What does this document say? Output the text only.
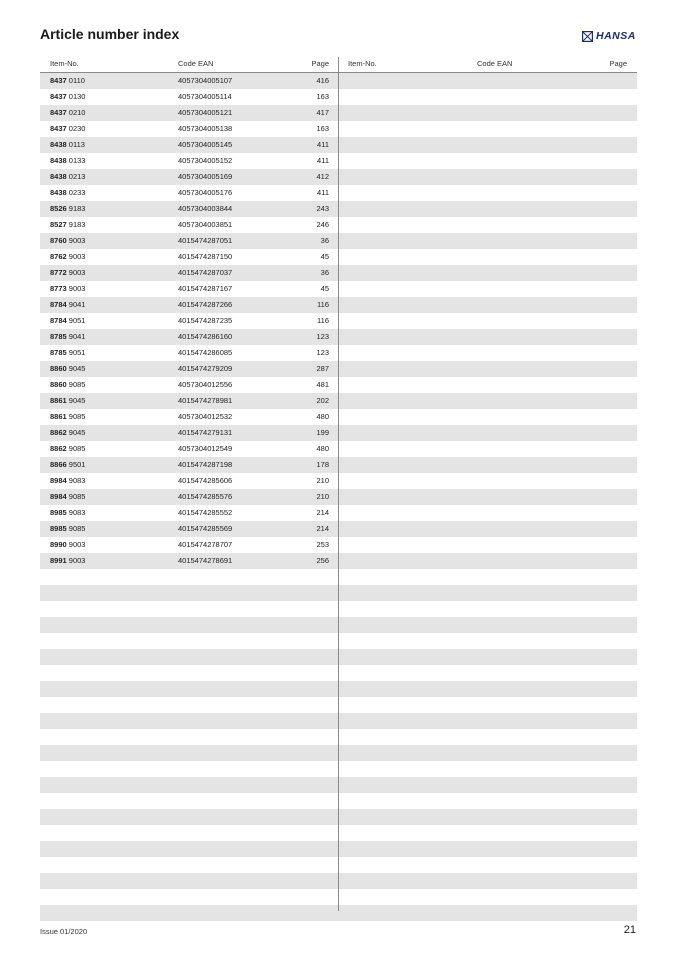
Article number index	HANSA
Item-No.	Code EAN	Page	Item-No.	Code EAN	Page
8437 0110	4057304005107	416
8437 0130	4057304005114	163
8437 0210	4057304005121	417
8437 0230	4057304005138	163
8438 0113	4057304005145	411
8438 0133	4057304005152	411
8438 0213	4057304005169	412
8438 0233	4057304005176	411
8526 9183	4057304003844	243
8527 9183	4057304003851	246
8760 9003	4015474287051	36
8762 9003	4015474287150	45
8772 9003	4015474287037	36
8773 9003	4015474287167	45
8784 9041	4015474287266	116
8784 9051	4015474287235	116
8785 9041	4015474286160	123
8785 9051	4015474286085	123
8860 9045	4015474279209	287
8860 9085	4057304012556	481
8861 9045	4015474278981	202
8861 9085	4057304012532	480
8862 9045	4015474279131	199
8862 9085	4057304012549	480
8866 9501	4015474287198	178
8984 9083	4015474285606	210
8984 9085	4015474285576	210
8985 9083	4015474285552	214
8985 9085	4015474285569	214
8990 9003	4015474278707	253
8991 9003	4015474278691	256
Issue 01/2020	21
